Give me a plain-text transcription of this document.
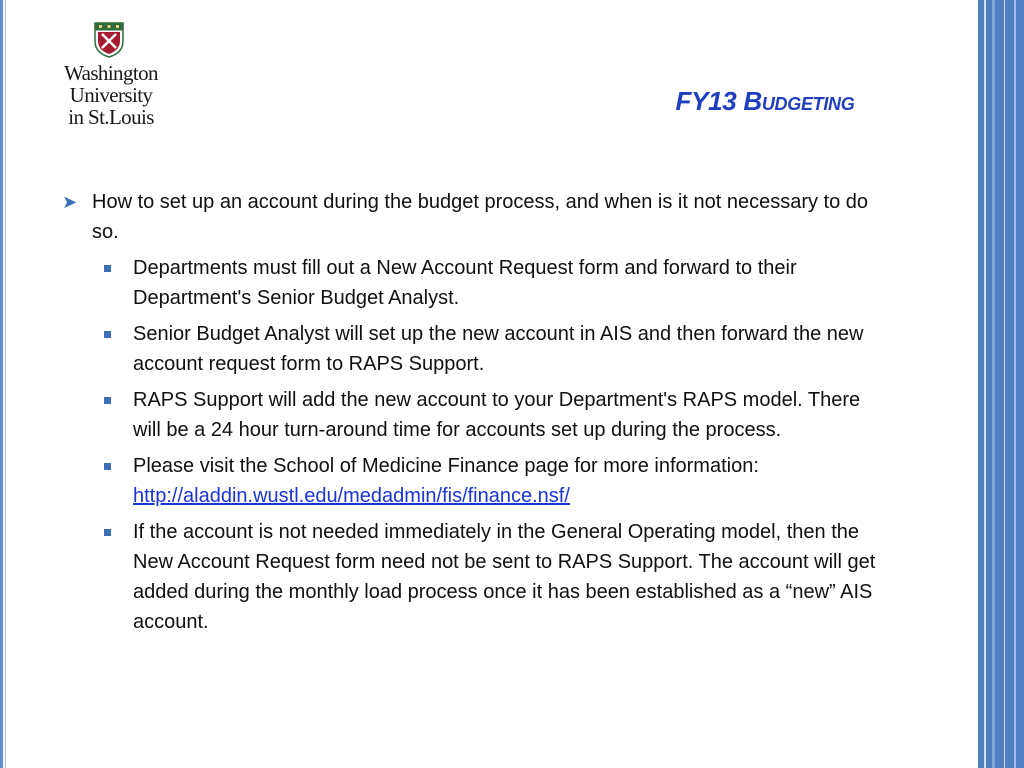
Washington
University
in St.Louis
FY13 Budgeting
➤ How to set up an account during the budget process, and when is it not necessary to do so.
Departments must fill out a New Account Request form and forward to their Department's Senior Budget Analyst.
Senior Budget Analyst will set up the new account in AIS and then forward the new account request form to RAPS Support.
RAPS Support will add the new account to your Department's RAPS model. There will be a 24 hour turn-around time for accounts set up during the process.
Please visit the School of Medicine Finance page for more information: http://aladdin.wustl.edu/medadmin/fis/finance.nsf/
If the account is not needed immediately in the General Operating model, then the New Account Request form need not be sent to RAPS Support. The account will get added during the monthly load process once it has been established as a “new” AIS account.
